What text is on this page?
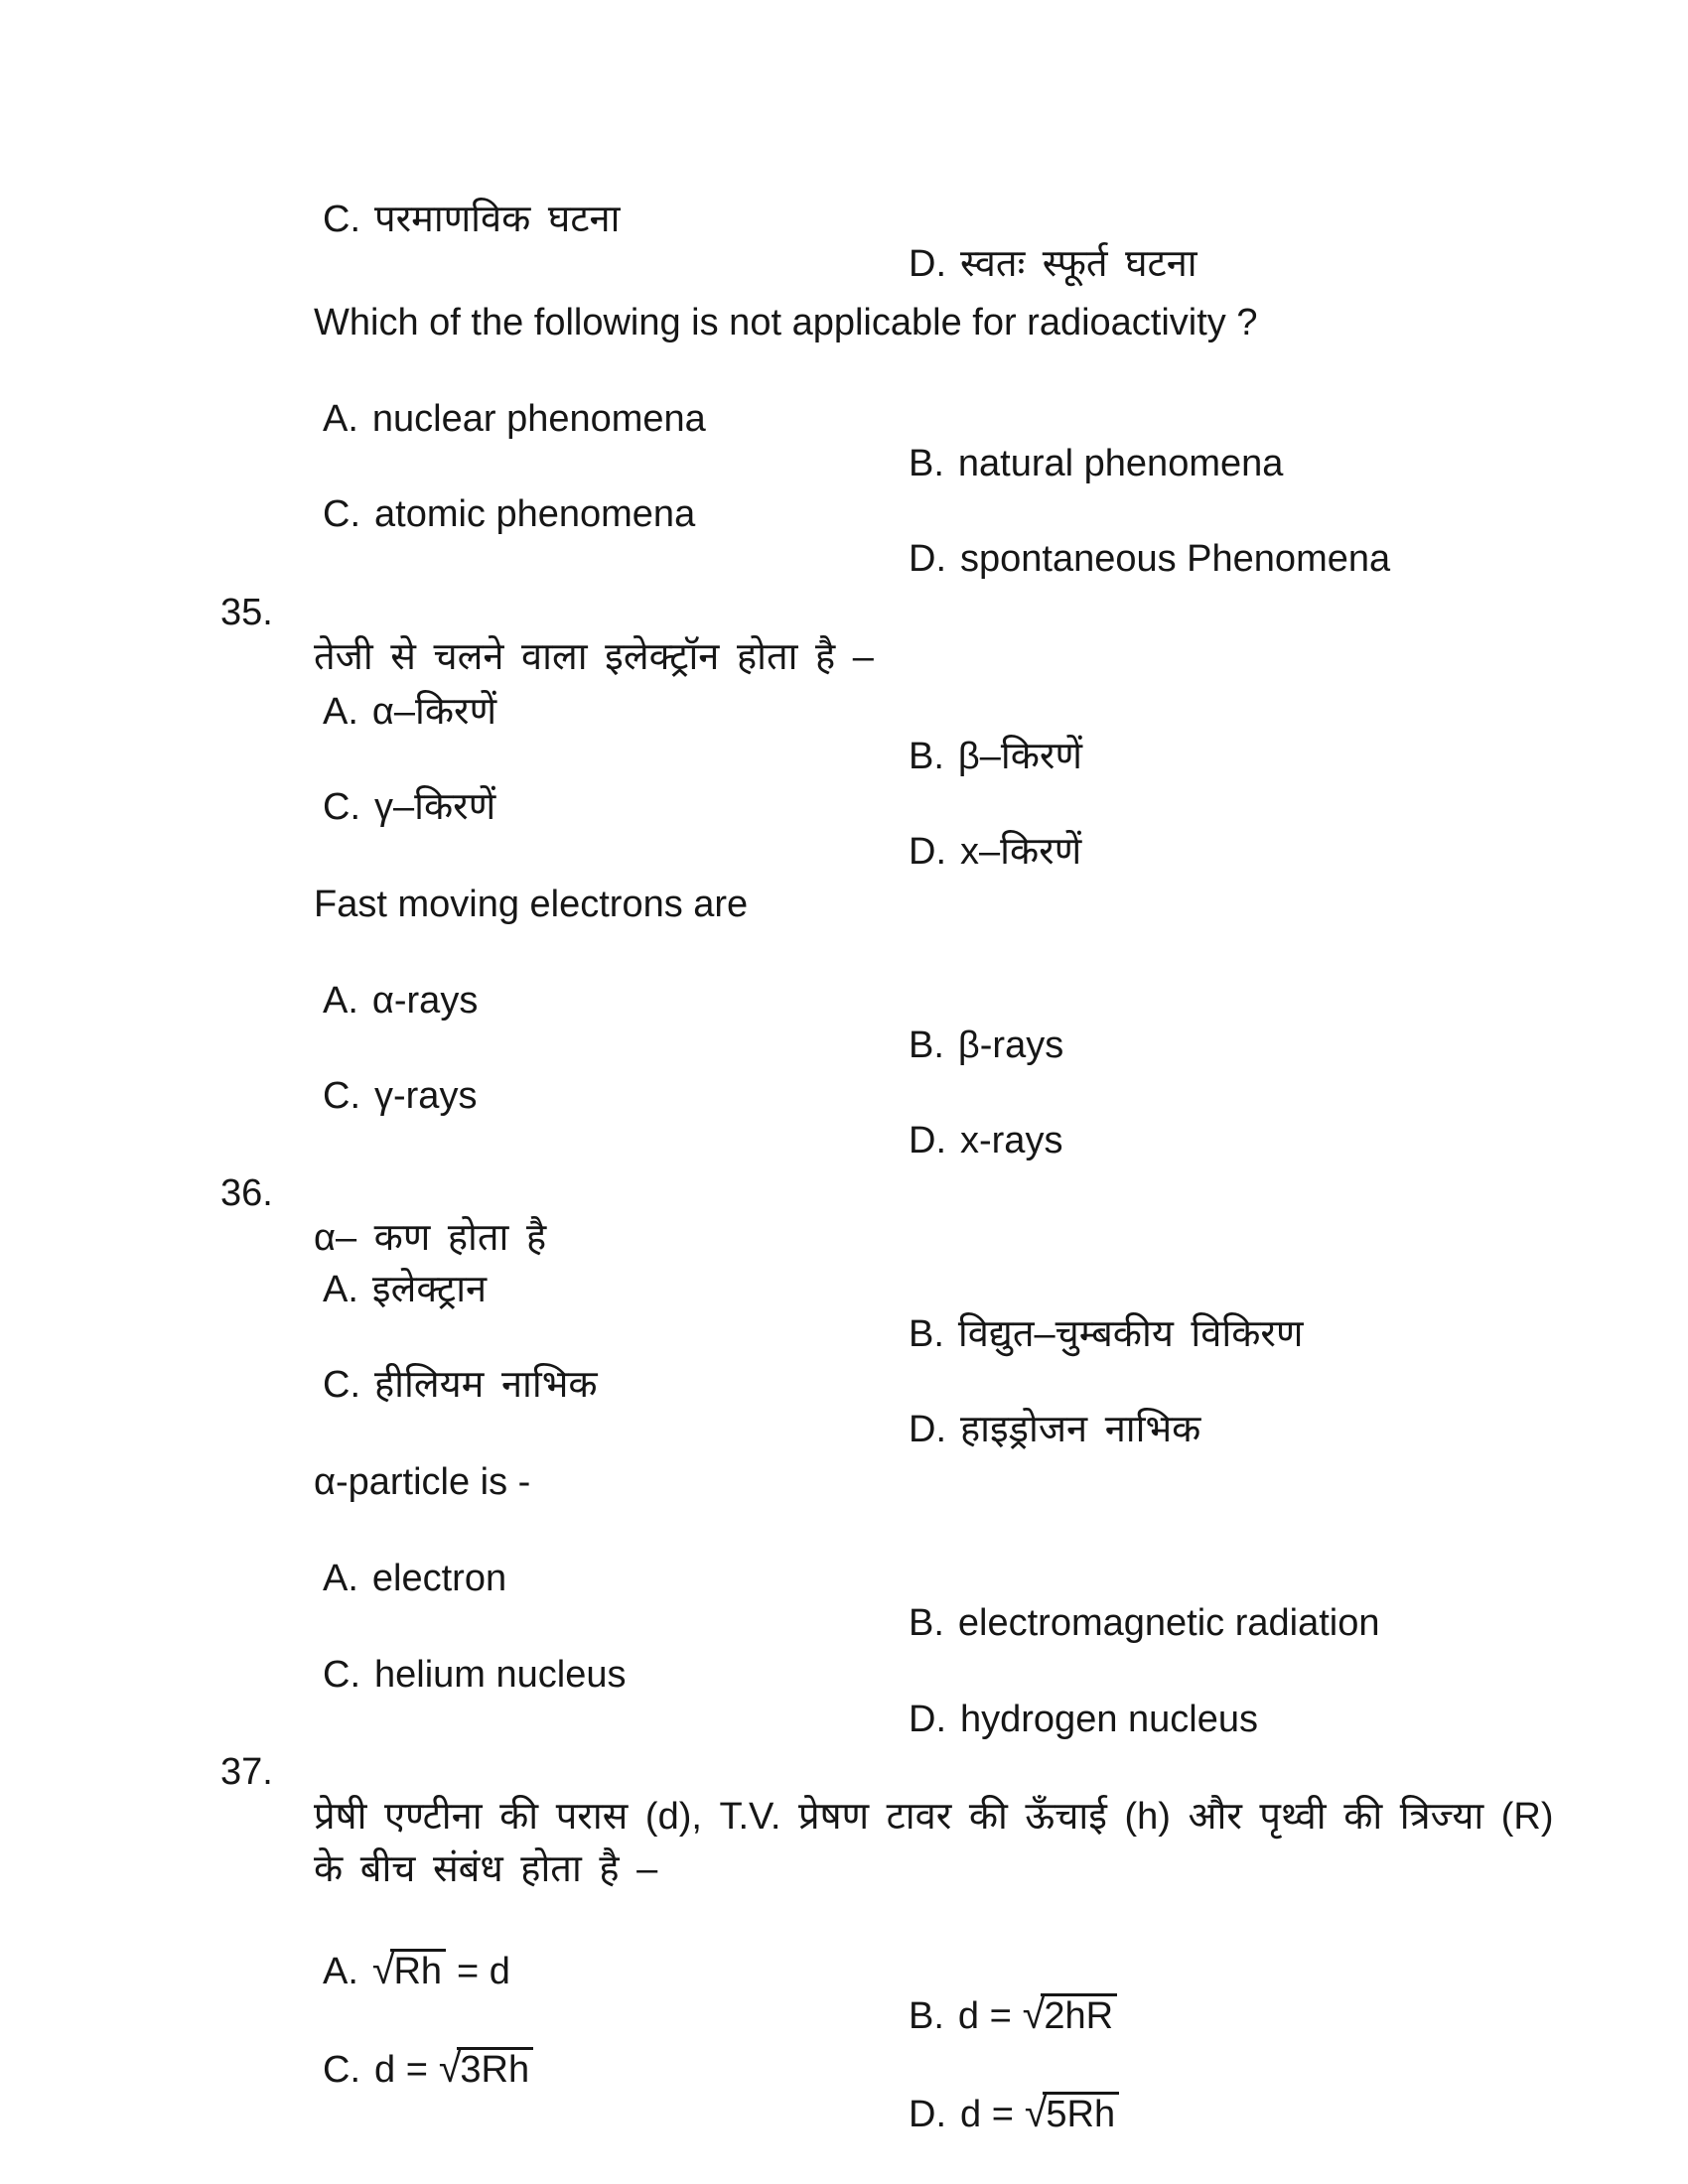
C. परमाणविक घटना

D. स्वतः स्फूर्त घटना

Which of the following is not applicable for radioactivity ?

A. nuclear phenomena

B. natural phenomena

C. atomic phenomena

D. spontaneous Phenomena

35.

तेजी से चलने वाला इलेक्ट्रॉन होता है –

A. α–किरणें

B. β–किरणें

C. γ–किरणें

D. x–किरणें

Fast moving electrons are

A. α-rays

B. β-rays

C. γ-rays

D. x-rays

36.

α– कण होता है

A. इलेक्ट्रान

B. विद्युत–चुम्बकीय विकिरण

C. हीलियम नाभिक

D. हाइड्रोजन नाभिक

α-particle is -

A. electron

B. electromagnetic radiation

C. helium nucleus

D. hydrogen nucleus

37.

प्रेषी एण्टीना की परास (d), T.V. प्रेषण टावर की ऊँचाई (h) और पृथ्वी की त्रिज्या (R)

के बीच संबंध होता है –

A. √Rh = d

B. d = √2hR

C. d = √3Rh

D. d = √5Rh
